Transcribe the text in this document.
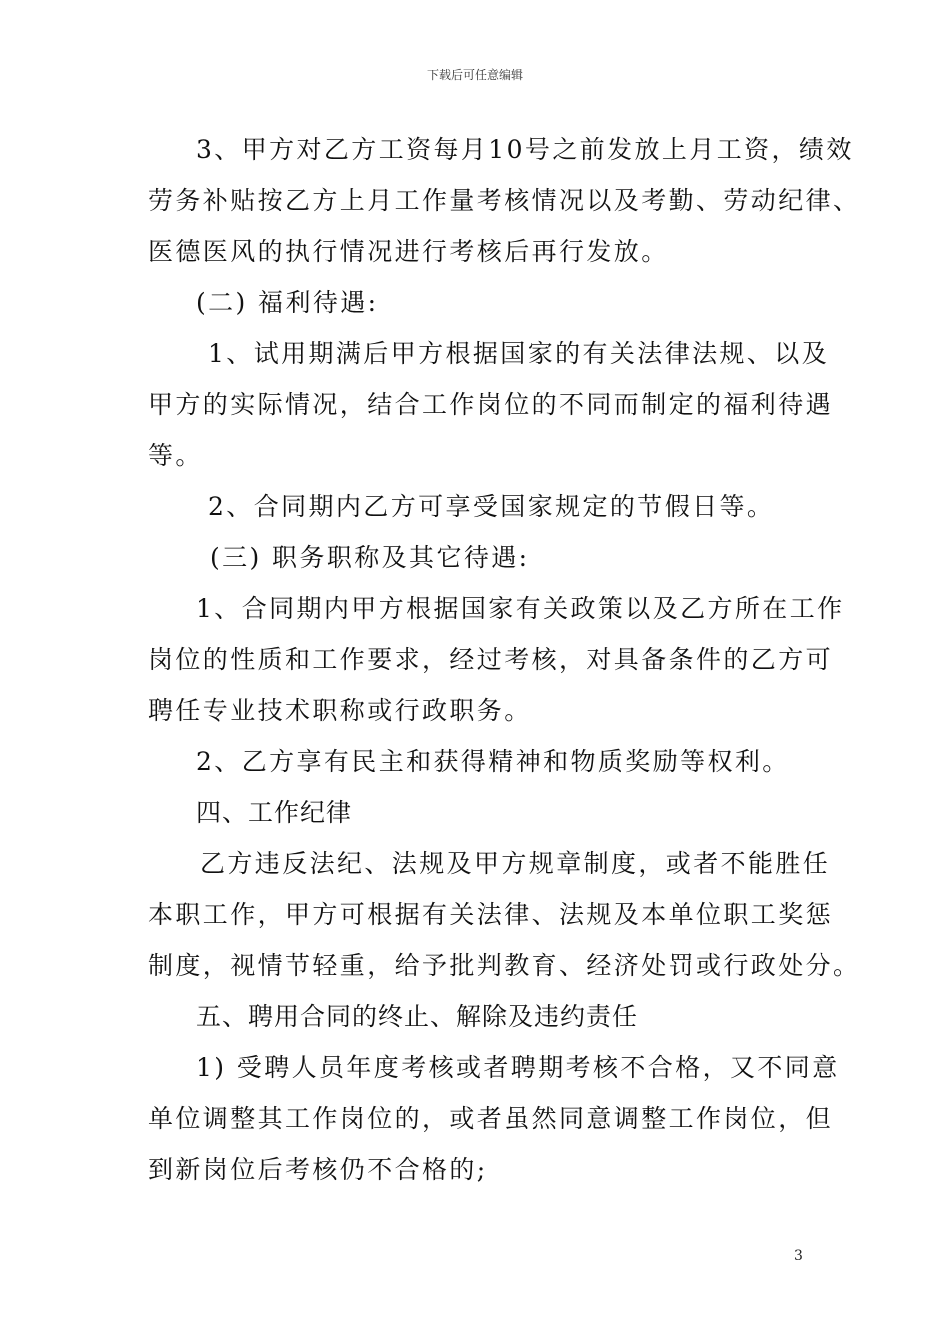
下载后可任意编辑
3、甲方对乙方工资每月10号之前发放上月工资，绩效
劳务补贴按乙方上月工作量考核情况以及考勤、劳动纪律、
医德医风的执行情况进行考核后再行发放。
(二) 福利待遇:
1、试用期满后甲方根据国家的有关法律法规、以及
甲方的实际情况，结合工作岗位的不同而制定的福利待遇
等。
2、合同期内乙方可享受国家规定的节假日等。
(三) 职务职称及其它待遇:
1、合同期内甲方根据国家有关政策以及乙方所在工作
岗位的性质和工作要求，经过考核，对具备条件的乙方可
聘任专业技术职称或行政职务。
2、乙方享有民主和获得精神和物质奖励等权利。
四、工作纪律
乙方违反法纪、法规及甲方规章制度，或者不能胜任
本职工作，甲方可根据有关法律、法规及本单位职工奖惩
制度，视情节轻重，给予批判教育、经济处罚或行政处分。
五、聘用合同的终止、解除及违约责任
1) 受聘人员年度考核或者聘期考核不合格，又不同意
单位调整其工作岗位的，或者虽然同意调整工作岗位，但
到新岗位后考核仍不合格的;
3
